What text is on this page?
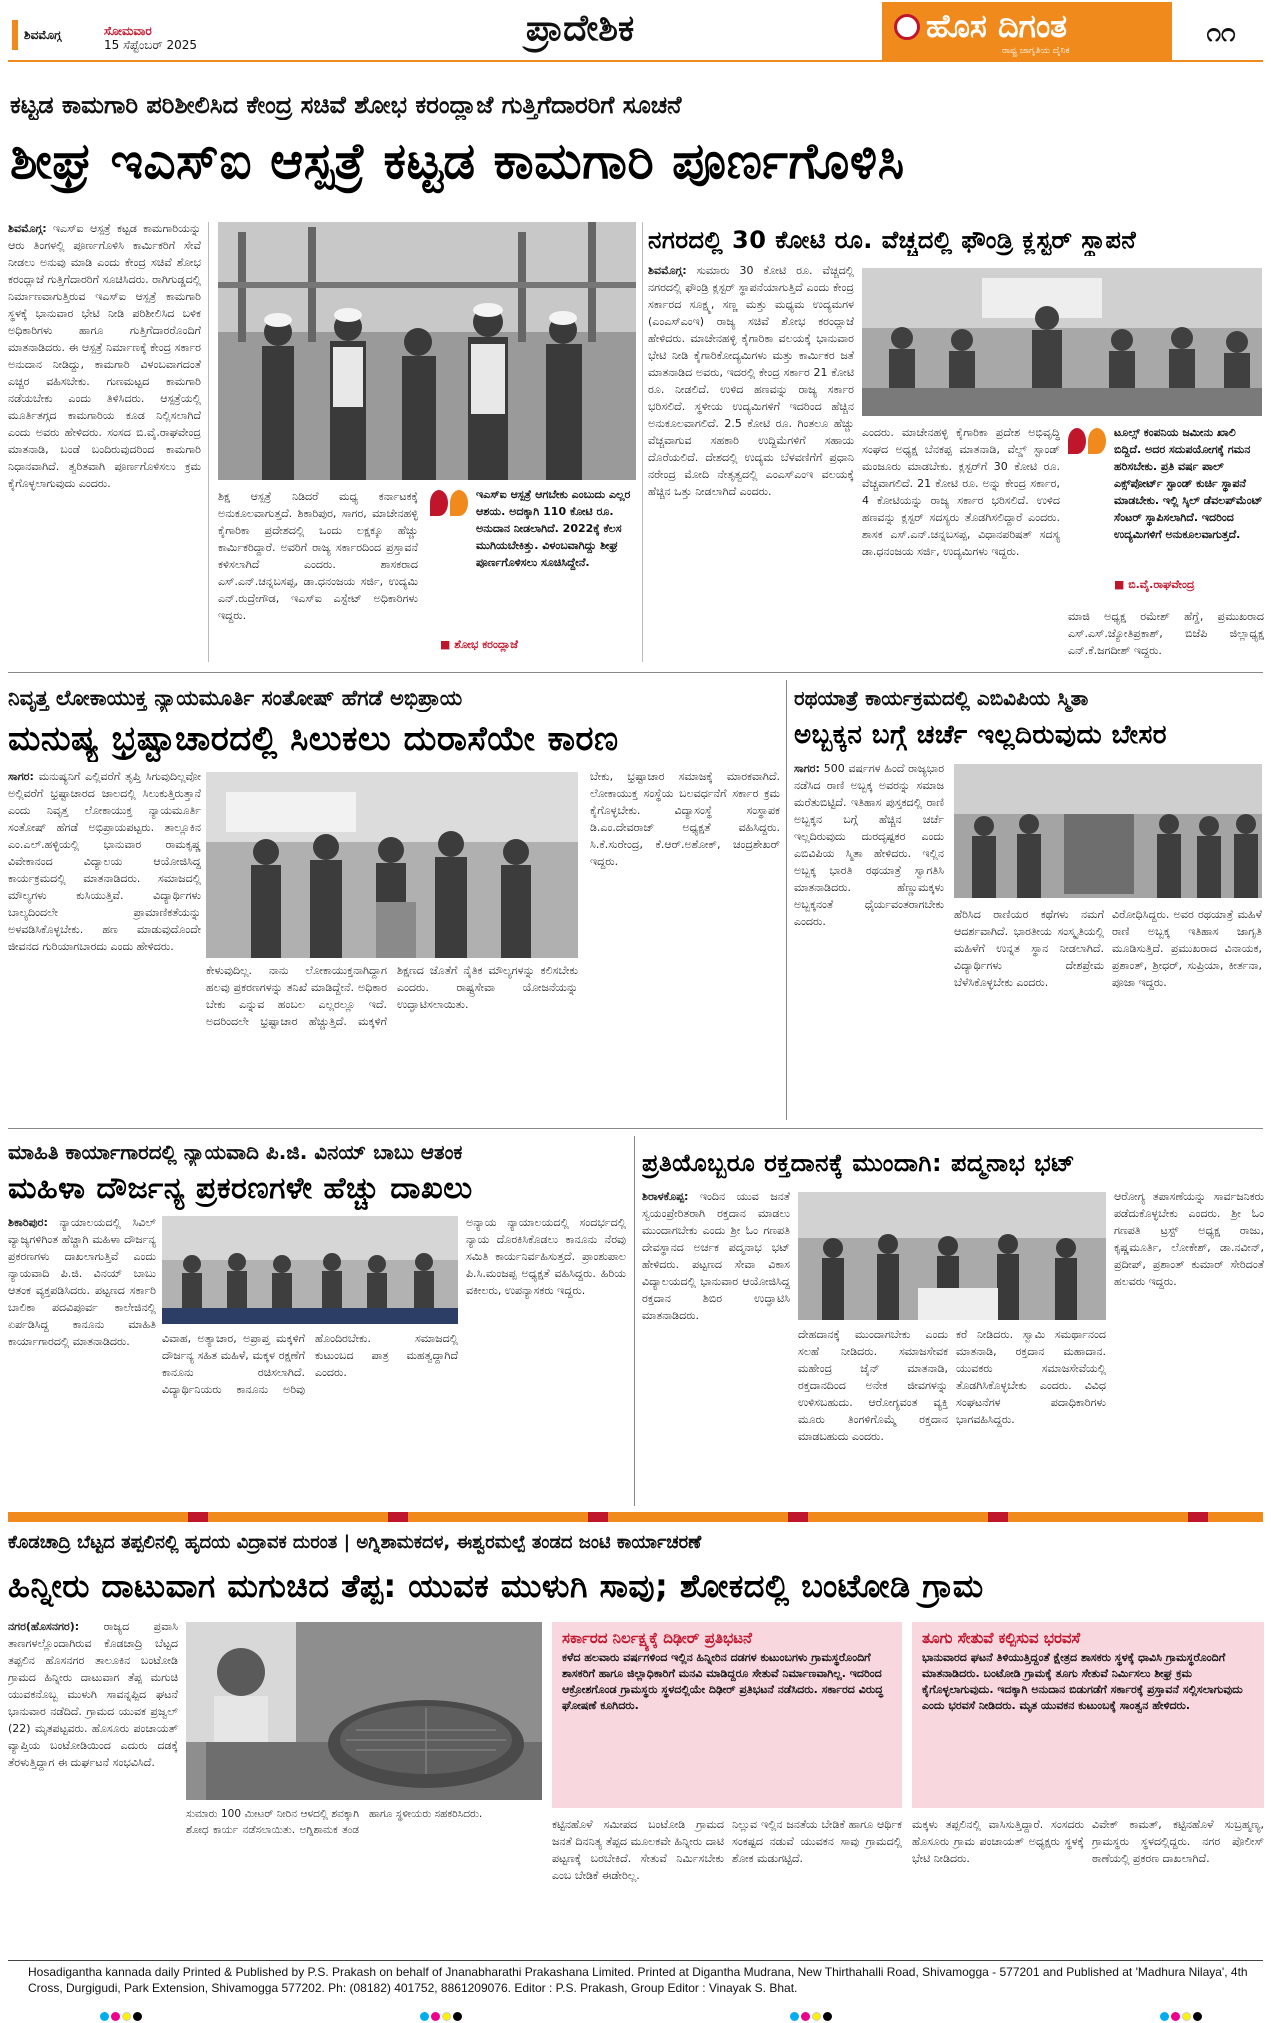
ಶಿವಮೊಗ್ಗ	ಸೋಮವಾರ
15 ಸೆಪ್ಟೆಂಬರ್ 2025	ಪ್ರಾದೇಶಿಕ	ಹೊಸ ದಿಗಂತ
ರಾಷ್ಟ್ರ ಜಾಗೃತಿಯ ದೈನಿಕ
೧೧
ಕಟ್ಟಡ ಕಾಮಗಾರಿ ಪರಿಶೀಲಿಸಿದ ಕೇಂದ್ರ ಸಚಿವೆ ಶೋಭ ಕರಂದ್ಲಾಜೆ ಗುತ್ತಿಗೆದಾರರಿಗೆ ಸೂಚನೆ
ಶೀಘ್ರ ಇಎಸ್‌ಐ ಆಸ್ಪತ್ರೆ ಕಟ್ಟಡ ಕಾಮಗಾರಿ ಪೂರ್ಣಗೊಳಿಸಿ
ಶಿವಮೊಗ್ಗ: ಇಎಸ್‌ಐ ಆಸ್ಪತ್ರೆ ಕಟ್ಟಡ ಕಾಮಗಾರಿಯನ್ನು ಆರು ತಿಂಗಳಲ್ಲಿ ಪೂರ್ಣಗೊಳಿಸಿ ಕಾರ್ಮಿಕರಿಗೆ ಸೇವೆ ನೀಡಲು ಅನುವು ಮಾಡಿ ಎಂದು ಕೇಂದ್ರ ಸಚಿವೆ ಶೋಭ ಕರಂದ್ಲಾಜೆ ಗುತ್ತಿಗೆದಾರರಿಗೆ ಸೂಚಿಸಿದರು. ರಾಗಿಗುಡ್ಡದಲ್ಲಿ ನಿರ್ಮಾಣವಾಗುತ್ತಿರುವ ಇಎಸ್‌ಐ ಆಸ್ಪತ್ರೆ ಕಾಮಗಾರಿ ಸ್ಥಳಕ್ಕೆ ಭಾನುವಾರ ಭೇಟಿ ನೀಡಿ ಪರಿಶೀಲಿಸಿದ ಬಳಿಕ ಅಧಿಕಾರಿಗಳು ಹಾಗೂ ಗುತ್ತಿಗೆದಾರರೊಂದಿಗೆ ಮಾತನಾಡಿದರು. ಈ ಆಸ್ಪತ್ರೆ ನಿರ್ಮಾಣಕ್ಕೆ ಕೇಂದ್ರ ಸರ್ಕಾರ ಅನುದಾನ ನೀಡಿದ್ದು, ಕಾಮಗಾರಿ ವಿಳಂಬವಾಗದಂತೆ ಎಚ್ಚರ ವಹಿಸಬೇಕು. ಗುಣಮಟ್ಟದ ಕಾಮಗಾರಿ ನಡೆಯಬೇಕು ಎಂದು ತಿಳಿಸಿದರು. ಆಸ್ಪತ್ರೆಯಲ್ಲಿ ಮೂರ್ತಿತಗ್ಗದ ಕಾಮಗಾರಿಯ ಕೂಡ ನಿಲ್ಲಿಸಲಾಗಿದೆ ಎಂದು ಅವರು ಹೇಳಿದರು. ಸಂಸದ ಬಿ.ವೈ.ರಾಘವೇಂದ್ರ ಮಾತನಾಡಿ, ಬಂಡೆ ಬಂದಿರುವುದರಿಂದ ಕಾಮಗಾರಿ ನಿಧಾನವಾಗಿದೆ. ತ್ವರಿತವಾಗಿ ಪೂರ್ಣಗೊಳಿಸಲು ಕ್ರಮ ಕೈಗೊಳ್ಳಲಾಗುವುದು ಎಂದರು.
ಶಿಕ್ಷ ಆಸ್ಪತ್ರೆ ನಿಡಿದರೆ ಮಧ್ಯ ಕರ್ನಾಟಕಕ್ಕೆ ಅನುಕೂಲವಾಗುತ್ತದೆ. ಶಿಕಾರಿಪುರ, ಸಾಗರ, ಮಾಚೇನಹಳ್ಳಿ ಕೈಗಾರಿಕಾ ಪ್ರದೇಶದಲ್ಲಿ ಒಂದು ಲಕ್ಷಕ್ಕೂ ಹೆಚ್ಚು ಕಾರ್ಮಿಕರಿದ್ದಾರೆ. ಅವರಿಗೆ ರಾಜ್ಯ ಸರ್ಕಾರದಿಂದ ಪ್ರಸ್ತಾವನೆ ಕಳಿಸಲಾಗಿದೆ ಎಂದರು. ಶಾಸಕರಾದ ಎಸ್.ಎನ್.ಚನ್ನಬಸಪ್ಪ, ಡಾ.ಧನಂಜಯ ಸರ್ಜಿ, ಉದ್ಯಮಿ ಎನ್.ರುದ್ರೇಗೌಡ, ಇಎಸ್‌ಐ ಎಸ್ಟೇಟ್ ಅಧಿಕಾರಿಗಳು ಇದ್ದರು.
ಇಎಸ್‌ಐ ಆಸ್ಪತ್ರೆ ಆಗಬೇಕು ಎಂಬುದು ಎಲ್ಲರ ಆಶಯ. ಅದಕ್ಕಾಗಿ 110 ಕೋಟಿ ರೂ. ಅನುದಾನ ನೀಡಲಾಗಿದೆ. 2022ಕ್ಕೆ ಕೆಲಸ ಮುಗಿಯಬೇಕಿತ್ತು. ವಿಳಂಬವಾಗಿದ್ದು ಶೀಘ್ರ ಪೂರ್ಣಗೊಳಿಸಲು ಸೂಚಿಸಿದ್ದೇನೆ.
■ ಶೋಭ ಕರಂದ್ಲಾಜೆ
ನಗರದಲ್ಲಿ 30 ಕೋಟಿ ರೂ. ವೆಚ್ಚದಲ್ಲಿ ಫೌಂಡ್ರಿ ಕ್ಲಸ್ಟರ್ ಸ್ಥಾಪನೆ
ಶಿವಮೊಗ್ಗ: ಸುಮಾರು 30 ಕೋಟಿ ರೂ. ವೆಚ್ಚದಲ್ಲಿ ನಗರದಲ್ಲಿ ಫೌಂಡ್ರಿ ಕ್ಲಸ್ಟರ್ ಸ್ಥಾಪನೆಯಾಗುತ್ತಿದೆ ಎಂದು ಕೇಂದ್ರ ಸರ್ಕಾರದ ಸೂಕ್ಷ್ಮ, ಸಣ್ಣ ಮತ್ತು ಮಧ್ಯಮ ಉದ್ಯಮಗಳ (ಎಂಎಸ್‌ಎಂಇ) ರಾಜ್ಯ ಸಚಿವೆ ಶೋಭ ಕರಂದ್ಲಾಜೆ ಹೇಳಿದರು. ಮಾಚೇನಹಳ್ಳಿ ಕೈಗಾರಿಕಾ ವಲಯಕ್ಕೆ ಭಾನುವಾರ ಭೇಟಿ ನೀಡಿ ಕೈಗಾರಿಕೋದ್ಯಮಿಗಳು ಮತ್ತು ಕಾರ್ಮಿಕರ ಜತೆ ಮಾತನಾಡಿದ ಅವರು, ಇದರಲ್ಲಿ ಕೇಂದ್ರ ಸರ್ಕಾರ 21 ಕೋಟಿ ರೂ. ನೀಡಲಿದೆ. ಉಳಿದ ಹಣವನ್ನು ರಾಜ್ಯ ಸರ್ಕಾರ ಭರಿಸಲಿದೆ. ಸ್ಥಳೀಯ ಉದ್ಯಮಿಗಳಿಗೆ ಇದರಿಂದ ಹೆಚ್ಚಿನ ಅನುಕೂಲವಾಗಲಿದೆ. 2.5 ಕೋಟಿ ರೂ. ಗಿಂತಲೂ ಹೆಚ್ಚು ವೆಚ್ಚವಾಗುವ ಸಹಕಾರಿ ಉದ್ದಿಮೆಗಳಿಗೆ ಸಹಾಯ ದೊರೆಯಲಿದೆ. ದೇಶದಲ್ಲಿ ಉದ್ಯಮ ಬೆಳವಣಿಗೆಗೆ ಪ್ರಧಾನಿ ನರೇಂದ್ರ ಮೋದಿ ನೇತೃತ್ವದಲ್ಲಿ ಎಂಎಸ್‌ಎಂಇ ವಲಯಕ್ಕೆ ಹೆಚ್ಚಿನ ಒತ್ತು ನೀಡಲಾಗಿದೆ ಎಂದರು.
ಎಂದರು. ಮಾಚೇನಹಳ್ಳಿ ಕೈಗಾರಿಕಾ ಪ್ರದೇಶ ಅಭಿವೃದ್ಧಿ ಸಂಘದ ಅಧ್ಯಕ್ಷ ಬೆನಕಪ್ಪ ಮಾತನಾಡಿ, ವೆಲ್ಡ್ ಸ್ಟಾಂಡ್ ಮಂಜೂರು ಮಾಡಬೇಕು. ಕ್ಲಸ್ಟರ್‌ಗೆ 30 ಕೋಟಿ ರೂ. ವೆಚ್ಚವಾಗಲಿದೆ. 21 ಕೋಟಿ ರೂ. ಅನ್ನು ಕೇಂದ್ರ ಸರ್ಕಾರ, 4 ಕೋಟಿಯನ್ನು ರಾಜ್ಯ ಸರ್ಕಾರ ಭರಿಸಲಿದೆ. ಉಳಿದ ಹಣವನ್ನು ಕ್ಲಸ್ಟರ್ ಸದಸ್ಯರು ತೊಡಗಿಸಲಿದ್ದಾರೆ ಎಂದರು. ಶಾಸಕ ಎಸ್.ಎನ್.ಚನ್ನಬಸಪ್ಪ, ವಿಧಾನಪರಿಷತ್ ಸದಸ್ಯ ಡಾ.ಧನಂಜಯ ಸರ್ಜಿ, ಉದ್ಯಮಿಗಳು ಇದ್ದರು.
ಟೂಲ್ಸ್ ಕಂಪನಿಯ ಜಮೀನು ಖಾಲಿ ಬಿದ್ದಿದೆ. ಅದರ ಸದುಪಯೋಗಕ್ಕೆ ಗಮನ ಹರಿಸಬೇಕು. ಪ್ರತಿ ವರ್ಷ ಪಾಲ್ ಎಕ್ಸ್‌ಪೋರ್ಟ್ ಸ್ಟಾಂಡ್ ಕುರ್ಚಿ ಸ್ಥಾಪನೆ ಮಾಡಬೇಕು. ಇಲ್ಲಿ ಸ್ಕಿಲ್ ಡೆವಲಪ್‌ಮೆಂಟ್ ಸೆಂಟರ್ ಸ್ಥಾಪಿಸಲಾಗಿದೆ. ಇದರಿಂದ ಉದ್ಯಮಿಗಳಿಗೆ ಅನುಕೂಲವಾಗುತ್ತದೆ.
■ ಬಿ.ವೈ.ರಾಘವೇಂದ್ರ
ಮಾಜಿ ಅಧ್ಯಕ್ಷ ರಮೇಶ್ ಹೆಗ್ಡೆ, ಪ್ರಮುಖರಾದ ಎಸ್.ಎಸ್.ಜ್ಯೋತಿಪ್ರಕಾಶ್, ಬಿಜೆಪಿ ಜಿಲ್ಲಾಧ್ಯಕ್ಷ ಎನ್.ಕೆ.ಜಗದೀಶ್ ಇದ್ದರು.
ನಿವೃತ್ತ ಲೋಕಾಯುಕ್ತ ನ್ಯಾಯಮೂರ್ತಿ ಸಂತೋಷ್ ಹೆಗಡೆ ಅಭಿಪ್ರಾಯ
ಮನುಷ್ಯ ಭ್ರಷ್ಟಾಚಾರದಲ್ಲಿ ಸಿಲುಕಲು ದುರಾಸೆಯೇ ಕಾರಣ
ಸಾಗರ: ಮನುಷ್ಯನಿಗೆ ಎಲ್ಲಿವರೆಗೆ ತೃಪ್ತಿ ಸಿಗುವುದಿಲ್ಲವೋ ಅಲ್ಲಿವರೆಗೆ ಭ್ರಷ್ಟಾಚಾರದ ಜಾಲದಲ್ಲಿ ಸಿಲುಕುತ್ತಿರುತ್ತಾನೆ ಎಂದು ನಿವೃತ್ತ ಲೋಕಾಯುಕ್ತ ನ್ಯಾಯಮೂರ್ತಿ ಸಂತೋಷ್ ಹೆಗಡೆ ಅಭಿಪ್ರಾಯಪಟ್ಟರು. ತಾಲ್ಲೂಕಿನ ಎಂ.ಎಲ್.ಹಳ್ಳಿಯಲ್ಲಿ ಭಾನುವಾರ ರಾಮಕೃಷ್ಣ ವಿವೇಕಾನಂದ ವಿದ್ಯಾಲಯ ಆಯೋಜಿಸಿದ್ದ ಕಾರ್ಯಕ್ರಮದಲ್ಲಿ ಮಾತನಾಡಿದರು. ಸಮಾಜದಲ್ಲಿ ಮೌಲ್ಯಗಳು ಕುಸಿಯುತ್ತಿವೆ. ವಿದ್ಯಾರ್ಥಿಗಳು ಬಾಲ್ಯದಿಂದಲೇ ಪ್ರಾಮಾಣಿಕತೆಯನ್ನು ಅಳವಡಿಸಿಕೊಳ್ಳಬೇಕು. ಹಣ ಮಾಡುವುದೊಂದೇ ಜೀವನದ ಗುರಿಯಾಗಬಾರದು ಎಂದು ಹೇಳಿದರು.
ಕೇಳುವುದಿಲ್ಲ. ನಾನು ಲೋಕಾಯುಕ್ತನಾಗಿದ್ದಾಗ ಹಲವು ಪ್ರಕರಣಗಳನ್ನು ತನಿಖೆ ಮಾಡಿದ್ದೇನೆ. ಅಧಿಕಾರ ಬೇಕು ಎನ್ನುವ ಹಂಬಲ ಎಲ್ಲರಲ್ಲೂ ಇದೆ. ಅದರಿಂದಲೇ ಭ್ರಷ್ಟಾಚಾರ ಹೆಚ್ಚುತ್ತಿದೆ. ಮಕ್ಕಳಿಗೆ ಶಿಕ್ಷಣದ ಜೊತೆಗೆ ನೈತಿಕ ಮೌಲ್ಯಗಳನ್ನು ಕಲಿಸಬೇಕು ಎಂದರು. ರಾಷ್ಟ್ರಸೇವಾ ಯೋಜನೆಯನ್ನು ಉದ್ಘಾಟಿಸಲಾಯಿತು.
ಬೇಕು, ಭ್ರಷ್ಟಾಚಾರ ಸಮಾಜಕ್ಕೆ ಮಾರಕವಾಗಿದೆ. ಲೋಕಾಯುಕ್ತ ಸಂಸ್ಥೆಯ ಬಲವರ್ಧನೆಗೆ ಸರ್ಕಾರ ಕ್ರಮ ಕೈಗೊಳ್ಳಬೇಕು. ವಿದ್ಯಾಸಂಸ್ಥೆ ಸಂಸ್ಥಾಪಕ ಡಿ.ಎಂ.ದೇವರಾಜ್ ಅಧ್ಯಕ್ಷತೆ ವಹಿಸಿದ್ದರು. ಸಿ.ಕೆ.ಸುರೇಂದ್ರ, ಕೆ.ಆರ್.ಅಶೋಕ್, ಚಂದ್ರಶೇಖರ್ ಇದ್ದರು.
ರಥಯಾತ್ರೆ ಕಾರ್ಯಕ್ರಮದಲ್ಲಿ ಎಬಿವಿಪಿಯ ಸ್ಮಿತಾ
ಅಬ್ಬಕ್ಕನ ಬಗ್ಗೆ ಚರ್ಚೆ ಇಲ್ಲದಿರುವುದು ಬೇಸರ
ಸಾಗರ: 500 ವರ್ಷಗಳ ಹಿಂದೆ ರಾಜ್ಯಭಾರ ನಡೆಸಿದ ರಾಣಿ ಅಬ್ಬಕ್ಕ ಅವರನ್ನು ಸಮಾಜ ಮರೆತುಬಿಟ್ಟಿದೆ. ಇತಿಹಾಸ ಪುಸ್ತಕದಲ್ಲಿ ರಾಣಿ ಅಬ್ಬಕ್ಕನ ಬಗ್ಗೆ ಹೆಚ್ಚಿನ ಚರ್ಚೆ ಇಲ್ಲದಿರುವುದು ದುರದೃಷ್ಟಕರ ಎಂದು ಎಬಿವಿಪಿಯ ಸ್ಮಿತಾ ಹೇಳಿದರು. ಇಲ್ಲಿನ ಅಬ್ಬಕ್ಕ ಭಾರತಿ ರಥಯಾತ್ರೆ ಸ್ವಾಗತಿಸಿ ಮಾತನಾಡಿದರು. ಹೆಣ್ಣುಮಕ್ಕಳು ಅಬ್ಬಕ್ಕನಂತೆ ಧೈರ್ಯವಂತರಾಗಬೇಕು ಎಂದರು.
ಹೆರಿಸಿದ ರಾಣಿಯರ ಕಥೆಗಳು ನಮಗೆ ಆದರ್ಶವಾಗಿದೆ. ಭಾರತೀಯ ಸಂಸ್ಕೃತಿಯಲ್ಲಿ ಮಹಿಳೆಗೆ ಉನ್ನತ ಸ್ಥಾನ ನೀಡಲಾಗಿದೆ. ವಿದ್ಯಾರ್ಥಿಗಳು ದೇಶಪ್ರೇಮ ಬೆಳೆಸಿಕೊಳ್ಳಬೇಕು ಎಂದರು.
ವಿರೋಧಿಸಿದ್ದರು. ಅವರ ರಥಯಾತ್ರೆ ಮಹಿಳೆ ರಾಣಿ ಅಬ್ಬಕ್ಕ ಇತಿಹಾಸ ಜಾಗೃತಿ ಮೂಡಿಸುತ್ತಿದೆ. ಪ್ರಮುಖರಾದ ವಿನಾಯಕ, ಪ್ರಶಾಂತ್, ಶ್ರೀಧರ್, ಸುಪ್ರಿಯಾ, ಕೀರ್ತನಾ, ಪೂಜಾ ಇದ್ದರು.
ಮಾಹಿತಿ ಕಾರ್ಯಾಗಾರದಲ್ಲಿ ನ್ಯಾಯವಾದಿ ಪಿ.ಜಿ. ವಿನಯ್ ಬಾಬು ಆತಂಕ
ಮಹಿಳಾ ದೌರ್ಜನ್ಯ ಪ್ರಕರಣಗಳೇ ಹೆಚ್ಚು ದಾಖಲು
ಶಿಕಾರಿಪುರ: ನ್ಯಾಯಾಲಯದಲ್ಲಿ ಸಿವಿಲ್ ವ್ಯಾಜ್ಯಗಳಿಗಿಂತ ಹೆಚ್ಚಾಗಿ ಮಹಿಳಾ ದೌರ್ಜನ್ಯ ಪ್ರಕರಣಗಳು ದಾಖಲಾಗುತ್ತಿವೆ ಎಂದು ನ್ಯಾಯವಾದಿ ಪಿ.ಜಿ. ವಿನಯ್ ಬಾಬು ಆತಂಕ ವ್ಯಕ್ತಪಡಿಸಿದರು. ಪಟ್ಟಣದ ಸರ್ಕಾರಿ ಬಾಲಿಕಾ ಪದವಿಪೂರ್ವ ಕಾಲೇಜಿನಲ್ಲಿ ಏರ್ಪಡಿಸಿದ್ದ ಕಾನೂನು ಮಾಹಿತಿ ಕಾರ್ಯಾಗಾರದಲ್ಲಿ ಮಾತನಾಡಿದರು.	ವಿವಾಹ, ಅತ್ಯಾಚಾರ, ಅಪ್ರಾಪ್ತ ಮಕ್ಕಳಿಗೆ ದೌರ್ಜನ್ಯ ಸಹಿತ ಮಹಿಳೆ, ಮಕ್ಕಳ ರಕ್ಷಣೆಗೆ ಕಾನೂನು ರಚಿಸಲಾಗಿದೆ. ವಿದ್ಯಾರ್ಥಿನಿಯರು ಕಾನೂನು ಅರಿವು ಹೊಂದಿರಬೇಕು. ಸಮಾಜದಲ್ಲಿ ಕುಟುಂಬದ ಪಾತ್ರ ಮಹತ್ವದ್ದಾಗಿದೆ ಎಂದರು.
ಅನ್ಯಾಯ ನ್ಯಾಯಾಲಯದಲ್ಲಿ ಸಂದರ್ಭದಲ್ಲಿ ನ್ಯಾಯ ದೊರಕಿಸಿಕೊಡಲು ಕಾನೂನು ನೆರವು ಸಮಿತಿ ಕಾರ್ಯನಿರ್ವಹಿಸುತ್ತದೆ. ಪ್ರಾಂಶುಪಾಲ ಪಿ.ಸಿ.ಮಂಜಪ್ಪ ಅಧ್ಯಕ್ಷತೆ ವಹಿಸಿದ್ದರು. ಹಿರಿಯ ವಕೀಲರು, ಉಪನ್ಯಾಸಕರು ಇದ್ದರು.
ಪ್ರತಿಯೊಬ್ಬರೂ ರಕ್ತದಾನಕ್ಕೆ ಮುಂದಾಗಿ: ಪದ್ಮನಾಭ ಭಟ್
ಶಿರಾಳಕೊಪ್ಪ: ಇಂದಿನ ಯುವ ಜನತೆ ಸ್ವಯಂಪ್ರೇರಿತರಾಗಿ ರಕ್ತದಾನ ಮಾಡಲು ಮುಂದಾಗಬೇಕು ಎಂದು ಶ್ರೀ ಓಂ ಗಣಪತಿ ದೇವಸ್ಥಾನದ ಅರ್ಚಕ ಪದ್ಮನಾಭ ಭಟ್ ಹೇಳಿದರು. ಪಟ್ಟಣದ ಸೇವಾ ವಿಕಾಸ ವಿದ್ಯಾಲಯದಲ್ಲಿ ಭಾನುವಾರ ಆಯೋಜಿಸಿದ್ದ ರಕ್ತದಾನ ಶಿಬಿರ ಉದ್ಘಾಟಿಸಿ ಮಾತನಾಡಿದರು.
ದೇಹದಾನಕ್ಕೆ ಮುಂದಾಗಬೇಕು ಎಂದು ಸಲಹೆ ನೀಡಿದರು. ಸಮಾಜಸೇವಕ ಮಹೇಂದ್ರ ಜೈನ್ ಮಾತನಾಡಿ, ರಕ್ತದಾನದಿಂದ ಅನೇಕ ಜೀವಗಳನ್ನು ಉಳಿಸಬಹುದು. ಆರೋಗ್ಯವಂತ ವ್ಯಕ್ತಿ ಮೂರು ತಿಂಗಳಿಗೊಮ್ಮೆ ರಕ್ತದಾನ ಮಾಡಬಹುದು ಎಂದರು.
ಕರೆ ನೀಡಿದರು. ಸ್ವಾಮಿ ಸಮರ್ಥಾನಂದ ಮಾತನಾಡಿ, ರಕ್ತದಾನ ಮಹಾದಾನ. ಯುವಕರು ಸಮಾಜಸೇವೆಯಲ್ಲಿ ತೊಡಗಿಸಿಕೊಳ್ಳಬೇಕು ಎಂದರು. ವಿವಿಧ ಸಂಘಟನೆಗಳ ಪದಾಧಿಕಾರಿಗಳು ಭಾಗವಹಿಸಿದ್ದರು.
ಆರೋಗ್ಯ ತಪಾಸಣೆಯನ್ನು ಸಾರ್ವಜನಿಕರು ಪಡೆದುಕೊಳ್ಳಬೇಕು ಎಂದರು. ಶ್ರೀ ಓಂ ಗಣಪತಿ ಟ್ರಸ್ಟ್ ಅಧ್ಯಕ್ಷ ರಾಜು, ಕೃಷ್ಣಮೂರ್ತಿ, ಲೋಕೇಶ್, ಡಾ.ನವೀನ್, ಪ್ರದೀಪ್, ಪ್ರಶಾಂತ್ ಕುಮಾರ್ ಸೇರಿದಂತೆ ಹಲವರು ಇದ್ದರು.
ಕೊಡಚಾದ್ರಿ ಬೆಟ್ಟದ ತಪ್ಪಲಿನಲ್ಲಿ ಹೃದಯ ವಿದ್ರಾವಕ ದುರಂತ | ಅಗ್ನಿಶಾಮಕದಳ, ಈಶ್ವರಮಲ್ಪೆ ತಂಡದ ಜಂಟಿ ಕಾರ್ಯಾಚರಣೆ
ಹಿನ್ನೀರು ದಾಟುವಾಗ ಮಗುಚಿದ ತೆಪ್ಪ: ಯುವಕ ಮುಳುಗಿ ಸಾವು; ಶೋಕದಲ್ಲಿ ಬಂಟೋಡಿ ಗ್ರಾಮ
ನಗರ(ಹೊಸನಗರ): ರಾಜ್ಯದ ಪ್ರವಾಸಿ ತಾಣಗಳಲ್ಲೊಂದಾಗಿರುವ ಕೊಡಚಾದ್ರಿ ಬೆಟ್ಟದ ತಪ್ಪಲಿನ ಹೊಸನಗರ ತಾಲೂಕಿನ ಬಂಟೋಡಿ ಗ್ರಾಮದ ಹಿನ್ನೀರು ದಾಟುವಾಗ ತೆಪ್ಪ ಮಗುಚಿ ಯುವಕನೊಬ್ಬ ಮುಳುಗಿ ಸಾವನ್ನಪ್ಪಿದ ಘಟನೆ ಭಾನುವಾರ ನಡೆದಿದೆ. ಗ್ರಾಮದ ಯುವಕ ಪ್ರಜ್ವಲ್ (22) ಮೃತಪಟ್ಟವರು. ಹೊಸೂರು ಪಂಚಾಯತ್ ವ್ಯಾಪ್ತಿಯ ಬಂಟೋಡಿಯಿಂದ ಎದುರು ದಡಕ್ಕೆ ತೆರಳುತ್ತಿದ್ದಾಗ ಈ ದುರ್ಘಟನೆ ಸಂಭವಿಸಿದೆ.
ಸುಮಾರು 100 ಮೀಟರ್ ನೀರಿನ ಆಳದಲ್ಲಿ ಶವಕ್ಕಾಗಿ ಶೋಧ ಕಾರ್ಯ ನಡೆಸಲಾಯಿತು. ಅಗ್ನಿಶಾಮಕ ತಂಡ ಹಾಗೂ ಸ್ಥಳೀಯರು ಸಹಕರಿಸಿದರು.
ಸರ್ಕಾರದ ನಿರ್ಲಕ್ಷ್ಯಕ್ಕೆ ದಿಢೀರ್ ಪ್ರತಿಭಟನೆ
ಕಳೆದ ಹಲವಾರು ವರ್ಷಗಳಿಂದ ಇಲ್ಲಿನ ಹಿನ್ನೀರಿನ ದಡಗಳ ಕುಟುಂಬಗಳು ಗ್ರಾಮಸ್ಥರೊಂದಿಗೆ ಶಾಸಕರಿಗೆ ಹಾಗೂ ಜಿಲ್ಲಾಧಿಕಾರಿಗೆ ಮನವಿ ಮಾಡಿದ್ದರೂ ಸೇತುವೆ ನಿರ್ಮಾಣವಾಗಿಲ್ಲ. ಇದರಿಂದ ಆಕ್ರೋಶಗೊಂಡ ಗ್ರಾಮಸ್ಥರು ಸ್ಥಳದಲ್ಲಿಯೇ ದಿಢೀರ್ ಪ್ರತಿಭಟನೆ ನಡೆಸಿದರು. ಸರ್ಕಾರದ ವಿರುದ್ಧ ಘೋಷಣೆ ಕೂಗಿದರು.
ತೂಗು ಸೇತುವೆ ಕಲ್ಪಿಸುವ ಭರವಸೆ
ಭಾನುವಾರದ ಘಟನೆ ತಿಳಿಯುತ್ತಿದ್ದಂತೆ ಕ್ಷೇತ್ರದ ಶಾಸಕರು ಸ್ಥಳಕ್ಕೆ ಧಾವಿಸಿ ಗ್ರಾಮಸ್ಥರೊಂದಿಗೆ ಮಾತನಾಡಿದರು. ಬಂಟೋಡಿ ಗ್ರಾಮಕ್ಕೆ ತೂಗು ಸೇತುವೆ ನಿರ್ಮಿಸಲು ಶೀಘ್ರ ಕ್ರಮ ಕೈಗೊಳ್ಳಲಾಗುವುದು. ಇದಕ್ಕಾಗಿ ಅನುದಾನ ಬಿಡುಗಡೆಗೆ ಸರ್ಕಾರಕ್ಕೆ ಪ್ರಸ್ತಾವನೆ ಸಲ್ಲಿಸಲಾಗುವುದು ಎಂದು ಭರವಸೆ ನೀಡಿದರು. ಮೃತ ಯುವಕನ ಕುಟುಂಬಕ್ಕೆ ಸಾಂತ್ವನ ಹೇಳಿದರು.
ಕಟ್ಟಿನಹೊಳೆ ಸಮೀಪದ ಬಂಟೋಡಿ ಗ್ರಾಮದ ಜನತೆ ದಿನನಿತ್ಯ ತೆಪ್ಪದ ಮೂಲಕವೇ ಹಿನ್ನೀರು ದಾಟಿ ಪಟ್ಟಣಕ್ಕೆ ಬರಬೇಕಿದೆ. ಸೇತುವೆ ನಿರ್ಮಿಸಬೇಕು ಎಂಬ ಬೇಡಿಕೆ ಈಡೇರಿಲ್ಲ.
ನಿಲ್ಲುವ ಇಲ್ಲಿನ ಜನತೆಯ ಬೇಡಿಕೆ ಹಾಗೂ ಆರ್ಥಿಕ ಸಂಕಷ್ಟದ ನಡುವೆ ಯುವಕನ ಸಾವು ಗ್ರಾಮದಲ್ಲಿ ಶೋಕ ಮಡುಗಟ್ಟಿದೆ.
ಮಕ್ಕಳು ತಪ್ಪಲಿನಲ್ಲಿ ವಾಸಿಸುತ್ತಿದ್ದಾರೆ. ಸಂಸದರು ಹೊಸೂರು ಗ್ರಾಮ ಪಂಚಾಯತ್ ಅಧ್ಯಕ್ಷರು ಸ್ಥಳಕ್ಕೆ ಭೇಟಿ ನೀಡಿದರು.
ವಿವೇಕ್ ಕಾಮತ್, ಕಟ್ಟಿನಹೊಳೆ ಸುಬ್ರಹ್ಮಣ್ಯ, ಗ್ರಾಮಸ್ಥರು ಸ್ಥಳದಲ್ಲಿದ್ದರು. ನಗರ ಪೊಲೀಸ್ ಠಾಣೆಯಲ್ಲಿ ಪ್ರಕರಣ ದಾಖಲಾಗಿದೆ.
Hosadigantha kannada daily Printed & Published by P.S. Prakash on behalf of Jnanabharathi Prakashana Limited. Printed at Digantha Mudrana, New Thirthahalli Road, Shivamogga - 577201 and Published at 'Madhura Nilaya', 4th Cross, Durgigudi, Park Extension, Shivamogga 577202. Ph: (08182) 401752, 8861209076. Editor : P.S. Prakash, Group Editor : Vinayak S. Bhat.
